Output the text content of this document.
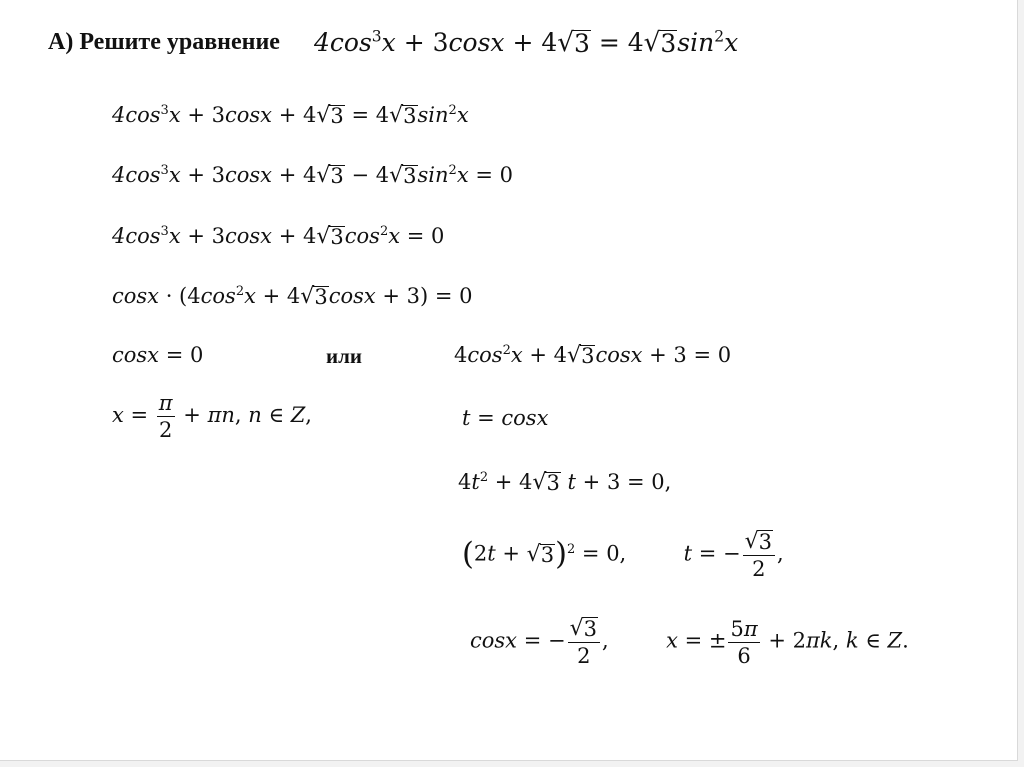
А) Решите уравнение $4\cos^3x + 3\cos x + 4$ √ 3 = 4 √ 3 $\sin^2x$
$4\cos^3x + 3\cos x + 4$ √ 3 = 4 √ 3 $\sin^2x$
$4\cos^3x + 3\cos x + 4$ √ 3 − 4 √ 3 $\sin^2x = 0$
$4\cos^3x + 3\cos x + 4$ √ 3 $\cos^2x = 0$
$\cos x \cdot (4\cos^2x + 4$ √ 3 cosx + 3) = 0
cosx = 0	или	$4\cos^2x + 4$ √ 3 cosx + 3 = 0
$x = \frac{\pi}{2} + \pi n$, n ∈ Z,	t = cosx
$4t^2 + 4$ √ 3 t + 3 = 0,
(2t + √ 3 )$^2$ = 0,  t = − $\frac{√ 3}{2}$ ,
cosx = − $\frac{√ 3}{2}$ ,  x = ± $\frac{5\pi}{6} + 2\pi k$, k ∈ Z.
